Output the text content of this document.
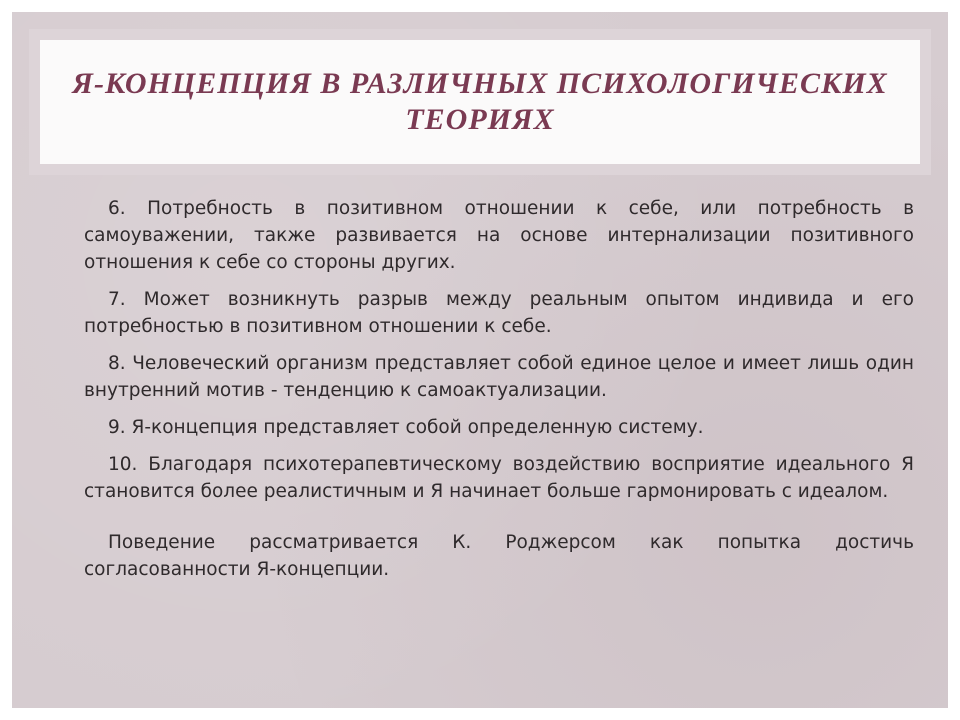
Я-КОНЦЕПЦИЯ В РАЗЛИЧНЫХ ПСИХОЛОГИЧЕСКИХ ТЕОРИЯХ

6. Потребность в позитивном отношении к себе, или потребность в самоуважении, также развивается на основе интернализации позитивного отношения к себе со стороны других.

7. Может возникнуть разрыв между реальным опытом индивида и его потребностью в позитивном отношении к себе.

8. Человеческий организм представляет собой единое целое и имеет лишь один внутренний мотив - тенденцию к самоактуализации.

9. Я-концепция представляет собой определенную систему.

10. Благодаря психотерапевтическому воздействию восприятие идеального Я становится более реалистичным и Я начинает больше гармонировать с идеалом.

Поведение рассматривается К. Роджерсом как попытка достичь согласованности Я-концепции.
